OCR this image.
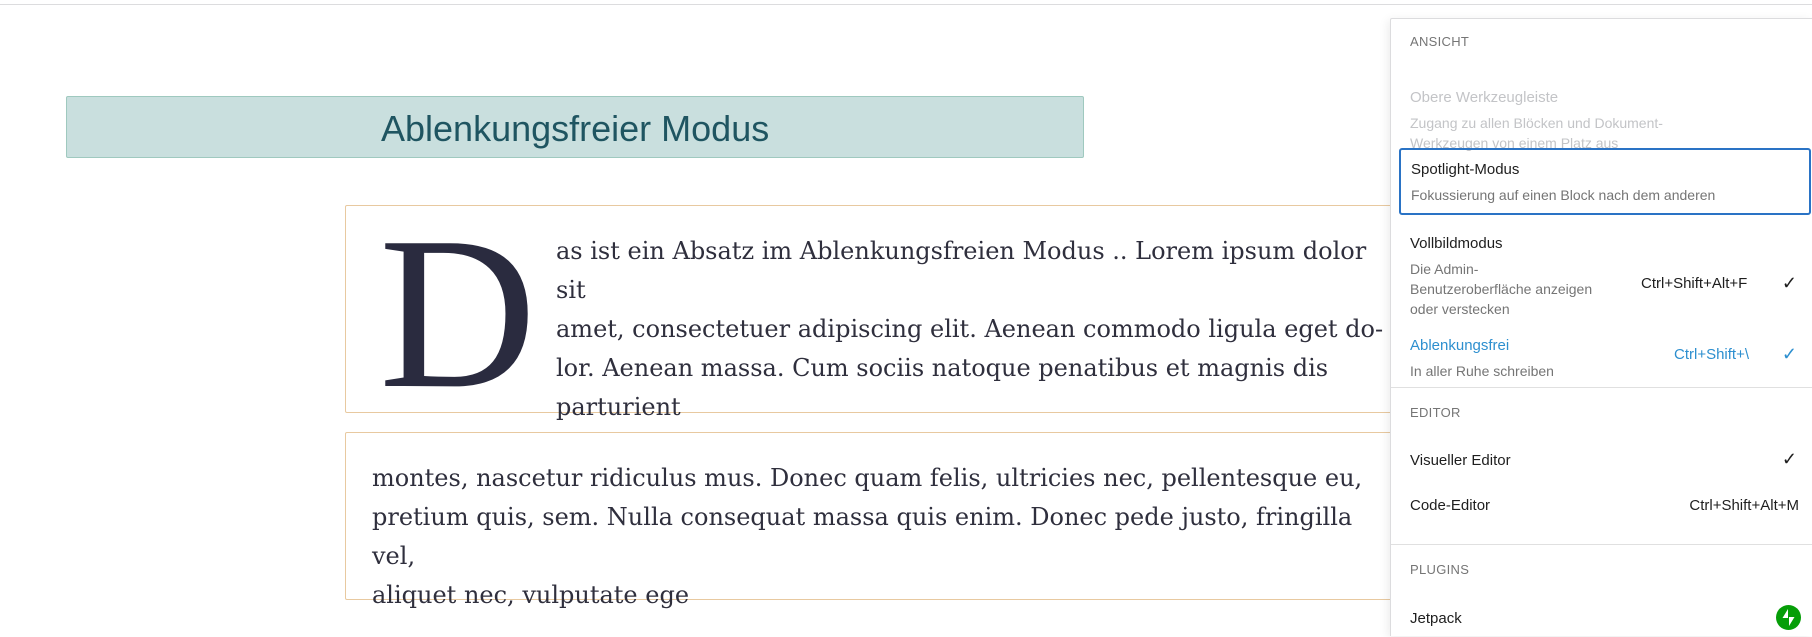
Ablenkungsfreier Modus
D as ist ein Absatz im Ablenkungsfreien Modus .. Lorem ipsum dolor sit
amet, consectetuer adipiscing elit. Aenean commodo ligula eget do-
lor. Aenean massa. Cum sociis natoque penatibus et magnis dis
parturient
montes, nascetur ridiculus mus. Donec quam felis, ultricies nec, pellentesque eu,
pretium quis, sem. Nulla consequat massa quis enim. Donec pede justo, fringilla vel,
aliquet nec, vulputate ege
ANSICHT
Obere Werkzeugleiste
Zugang zu allen Blöcken und Dokument-
Werkzeugen von einem Platz aus
Spotlight-Modus
Fokussierung auf einen Block nach dem anderen
Vollbildmodus
Die Admin-
Benutzeroberfläche anzeigen
oder verstecken
Ctrl+Shift+Alt+F ✓
Ablenkungsfrei
In aller Ruhe schreiben
Ctrl+Shift+\ ✓
EDITOR
Visueller Editor	✓
Code-Editor	Ctrl+Shift+Alt+M
PLUGINS
Jetpack
